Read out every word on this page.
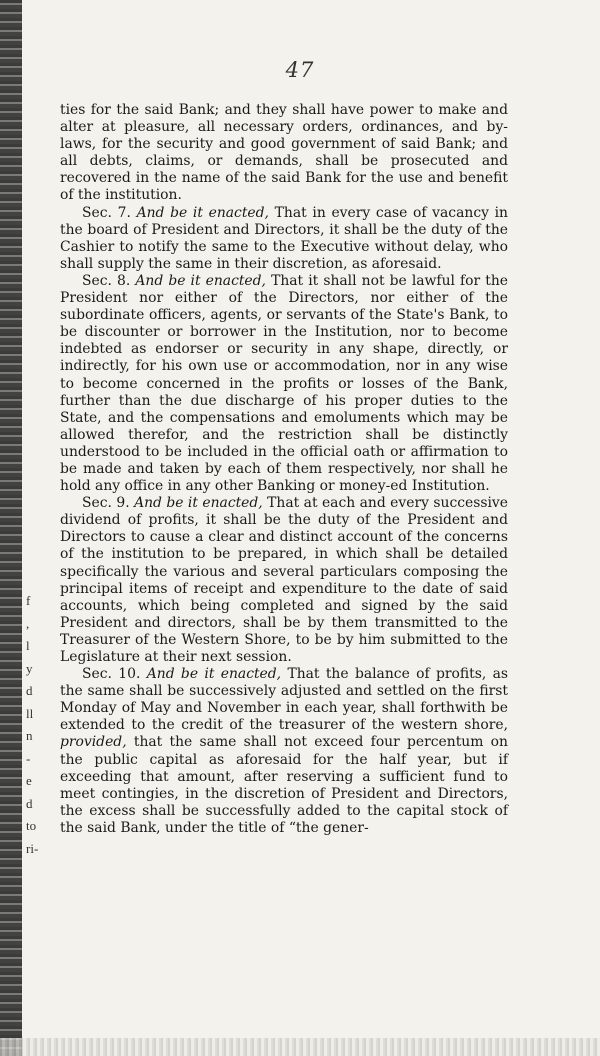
f
,
l
y
d
ll
n
-
e
d
to
ri-
47

ties for the said Bank; and they shall have power to make and alter at pleasure, all necessary orders, ordinances, and by-laws, for the security and good government of said Bank; and all debts, claims, or demands, shall be prosecuted and recovered in the name of the said Bank for the use and benefit of the institution.

Sec. 7. And be it enacted, That in every case of vacancy in the board of President and Directors, it shall be the duty of the Cashier to notify the same to the Executive without delay, who shall supply the same in their discretion, as aforesaid.

Sec. 8. And be it enacted, That it shall not be lawful for the President nor either of the Directors, nor either of the subordinate officers, agents, or servants of the State's Bank, to be discounter or borrower in the Institution, nor to become indebted as endorser or security in any shape, directly, or indirectly, for his own use or accommodation, nor in any wise to become concerned in the profits or losses of the Bank, further than the due discharge of his proper duties to the State, and the compensations and emoluments which may be allowed therefor, and the restriction shall be distinctly understood to be included in the official oath or affirmation to be made and taken by each of them respectively, nor shall he hold any office in any other Banking or money-ed Institution.

Sec. 9. And be it enacted, That at each and every successive dividend of profits, it shall be the duty of the President and Directors to cause a clear and distinct account of the concerns of the institution to be prepared, in which shall be detailed specifically the various and several particulars composing the principal items of receipt and expenditure to the date of said accounts, which being completed and signed by the said President and directors, shall be by them transmitted to the Treasurer of the Western Shore, to be by him submitted to the Legislature at their next session.

Sec. 10. And be it enacted, That the balance of profits, as the same shall be successively adjusted and settled on the first Monday of May and November in each year, shall forthwith be extended to the credit of the treasurer of the western shore, provided, that the same shall not exceed four percentum on the public capital as aforesaid for the half year, but if exceeding that amount, after reserving a sufficient fund to meet contingies, in the discretion of President and Directors, the excess shall be successfully added to the capital stock of the said Bank, under the title of “the gener-
